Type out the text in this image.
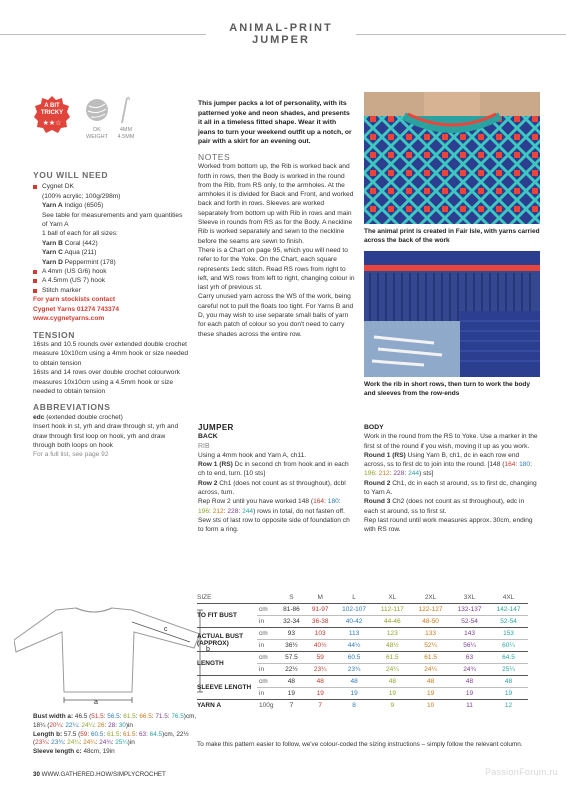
ANIMAL-PRINT JUMPER
A BIT
TRICKY
★★☆
DK
WEIGHT
4MM
4.5MM
YOU WILL NEED
Cygnet DK
(100% acrylic; 100g/298m)
Yarn A Indigo (6505)
See table for measurements and yarn quantities of Yarn A
1 ball of each for all sizes:
Yarn B Coral (442)
Yarn C Aqua (211)
Yarn D Peppermint (178)
A 4mm (US G/6) hook
A 4.5mm (US 7) hook
Stitch marker
For yarn stockists contact
Cygnet Yarns 01274 743374
www.cygnetyarns.com
TENSION
16sts and 10.5 rounds over extended double crochet measure 10x10cm using a 4mm hook or size needed to obtain tension
16sts and 14 rows over double crochet colourwork measures 10x10cm using a 4.5mm hook or size needed to obtain tension
ABBREVIATIONS
edc (extended double crochet)
Insert hook in st, yrh and draw through st, yrh and draw through first loop on hook, yrh and draw through both loops on hook
For a full list, see page 92
This jumper packs a lot of personality, with its patterned yoke and neon shades, and presents it all in a timeless fitted shape. Wear it with jeans to turn your weekend outfit up a notch, or pair with a skirt for an evening out.
NOTES
Worked from bottom up, the Rib is worked back and forth in rows, then the Body is worked in the round from the Rib, from RS only, to the armholes. At the armholes it is divided for Back and Front, and worked back and forth in rows. Sleeves are worked separately from bottom up with Rib in rows and main Sleeve in rounds from RS as for the Body. A neckline Rib is worked separately and sewn to the neckline before the seams are sewn to finish.
There is a Chart on page 95, which you will need to refer to for the Yoke. On the Chart, each square represents 1edc stitch. Read RS rows from right to left, and WS rows from left to right, changing colour in last yrh of previous st.
Carry unused yarn across the WS of the work, being careful not to pull the floats too tight. For Yarns B and D, you may wish to use separate small balls of yarn for each patch of colour so you don't need to carry these shades across the entire row.
JUMPER
BACK
RIB
Using a 4mm hook and Yarn A, ch11.
Row 1 (RS) Dc in second ch from hook and in each ch to end, turn. [10 sts]
Row 2 Ch1 (does not count as st throughout), dcbl across, turn.
Rep Row 2 until you have worked 148 (164: 180: 196: 212: 228: 244) rows in total, do not fasten off.
Sew sts of last row to opposite side of foundation ch to form a ring.
The animal print is created in Fair Isle, with yarns carried across the back of the work
Work the rib in short rows, then turn to work the body and sleeves from the row-ends
BODY
Work in the round from the RS to Yoke. Use a marker in the first st of the round if you wish, moving it up as you work.
Round 1 (RS) Using Yarn B, ch1, dc in each row end across, ss to first dc to join into the round. [148 (164: 180: 196: 212: 228: 244) sts]
Round 2 Ch1, dc in each st around, ss to first dc, changing to Yarn A.
Round 3 Ch2 (does not count as st throughout), edc in each st around, ss to first st.
Rep last round until work measures approx. 30cm, ending with RS row.
a
b
c
Bust width a: 46.5 (51.5: 56.5: 61.5: 66.5: 71.5: 76.5)cm, 18¼ (20¼: 22¼: 24¼: 26: 28: 30)in
Length b: 57.5 (59: 60.5: 61.5: 61.5: 63: 64.5)cm, 22½ (23¼: 23¾: 24¼: 24¼: 24¾: 25¼)in
Sleeve length c: 48cm, 19in
SIZE		S	M	L	XL	2XL	3XL	4XL
TO FIT BUST	cm	81-86	91-97	102-107	112-117	122-127	132-137	142-147
	in	32-34	36-38	40-42	44-46	48-50	52-54	52-54
ACTUAL BUST (APPROX)	cm	93	103	113	123	133	143	153
	in	36½	40½	44½	48½	52¼	56¼	60¼
LENGTH	cm	57.5	59	60.5	61.5	61.5	63	64.5
	in	22½	23¼	23¾	24¼	24¼	24¾	25¼
SLEEVE LENGTH	cm	48	48	48	48	48	48	48
	in	19	19	19	19	19	19	19
YARN A	100g	7	7	8	9	10	11	12
To make this pattern easier to follow, we've colour-coded the sizing instructions – simply follow the relevant column.
30 WWW.GATHERED.HOW/SIMPLYCROCHET	PassionForum.ru
